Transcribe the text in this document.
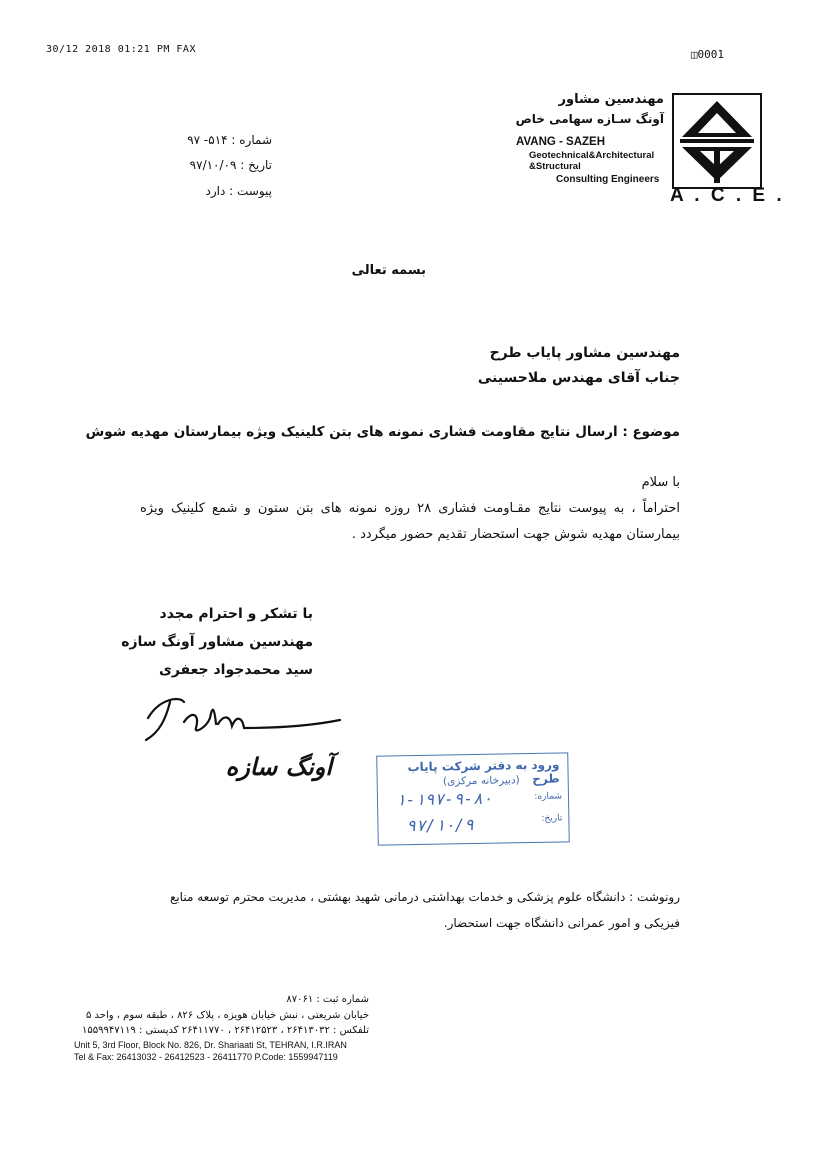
30/12 2018 01:21 PM FAX	◫0001
مهندسین مشاور
آونگ سـازه سهامی خاص
AVANG - SAZEH
Geotechnical&Architectural
&Structural
Consulting Engineers
A . C . E .
شماره : ۵۱۴- ۹۷
تاریخ : ۹۷/۱۰/۰۹
پیوست : دارد
بسمه تعالی
مهندسین مشاور پایاب طرح
جناب آقای مهندس ملاحسینی
موضوع : ارسال نتایج مقاومت فشاری نمونه های بتن کلینیک ویژه بیمارستان مهدیه شوش
با سلام
احتراماً ، به پیوست نتایج مقـاومت فشاری ۲۸ روزه نمونه های بتن ستون و شمع کلینیک ویژه بیمارستان مهدیه شوش جهت استحضار تقدیم حضور میگردد .
با تشکر و احترام مجدد
مهندسین مشاور آونگ سازه
سید محمدجواد جعفری
آونگ سازه	ورود به دفتر شرکت پایاب طرح
(دبیرخانه مرکزی)
شماره:
۱-۱۹۷-۹-۸۰
تاریخ:
۹۷/۱۰/۹
رونوشت : دانشگاه علوم پزشکی و خدمات بهداشتی درمانی شهید بهشتی ، مدیریت محترم توسعه منابع فیزیکی و امور عمرانی دانشگاه جهت استحضار.
شماره ثبت : ۸۷۰۶۱
خیابان شریعتی ، نبش خیابان هویزه ، پلاک ۸۲۶ ، طبقه سوم ، واحد ۵
تلفکس : ۲۶۴۱۳۰۳۲ ، ۲۶۴۱۲۵۲۳ ، ۲۶۴۱۱۷۷۰ کدپستی : ۱۵۵۹۹۴۷۱۱۹
Unit 5, 3rd Floor, Block No. 826, Dr. Shariaati St, TEHRAN, I.R.IRAN
Tel & Fax: 26413032 - 26412523 - 26411770 P.Code: 1559947119
